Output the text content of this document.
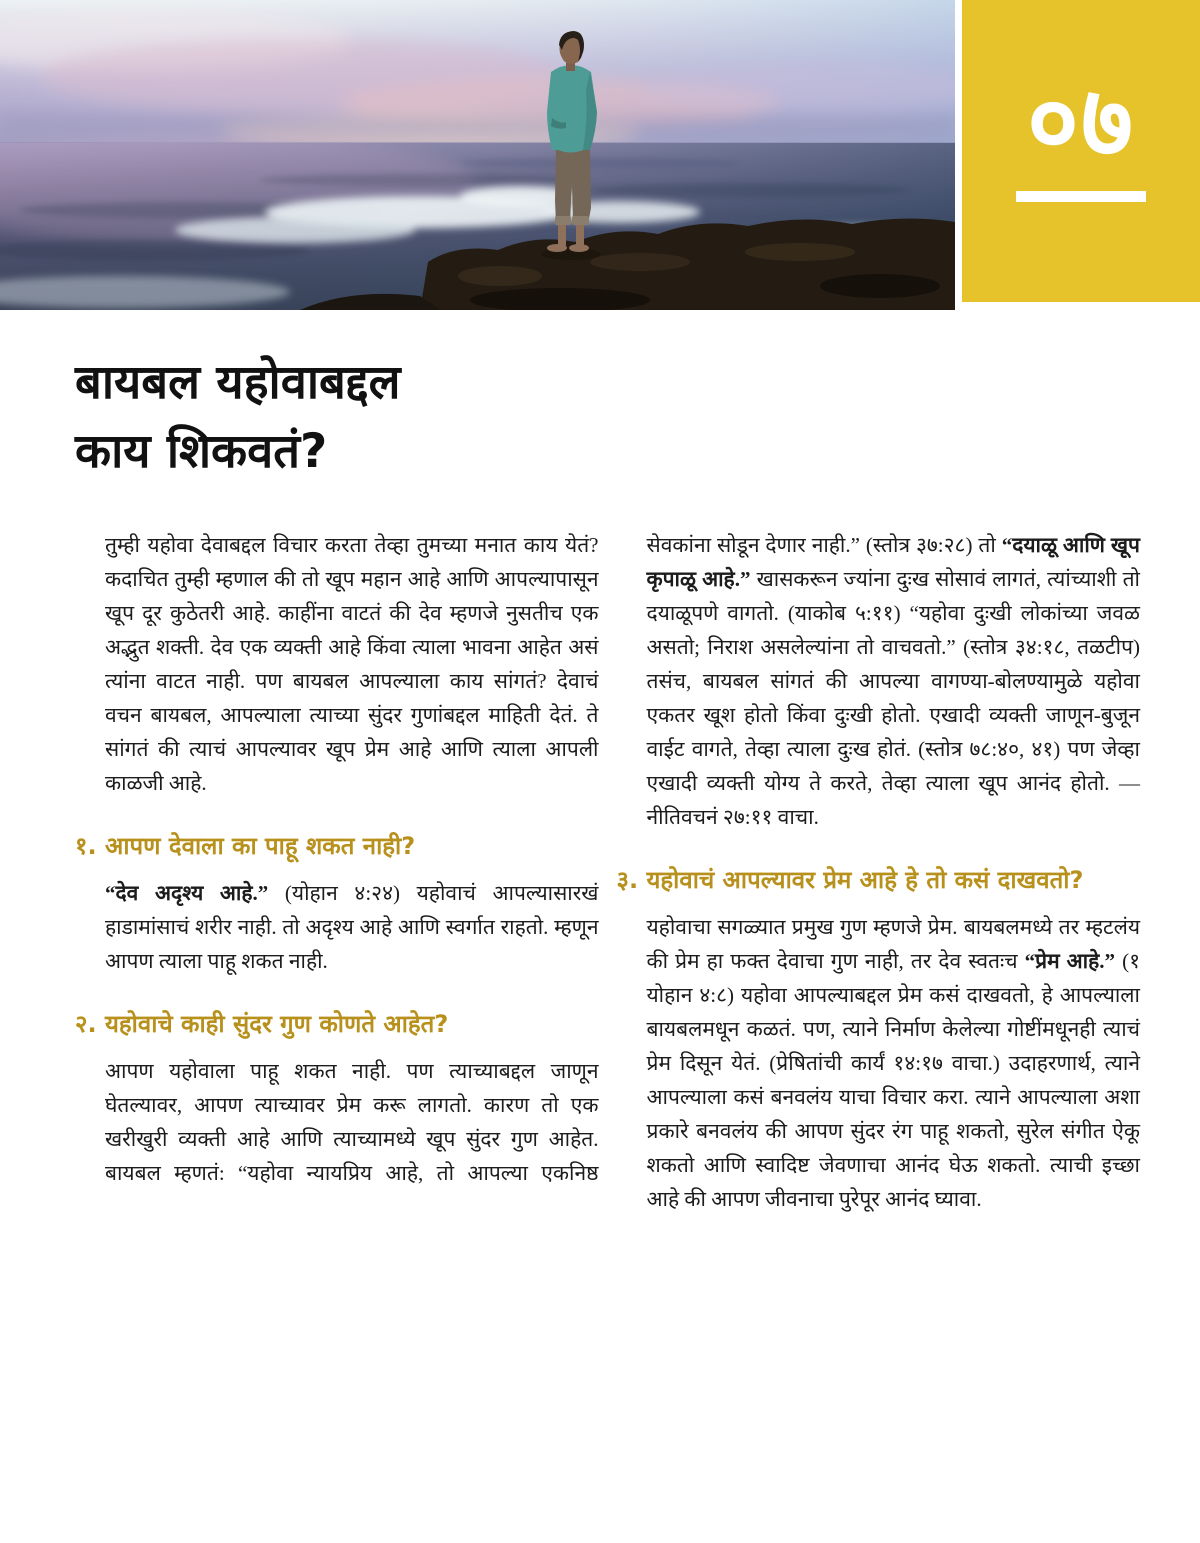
०७
बायबल यहोवाबद्दल
काय शिकवतं?

तुम्ही यहोवा देवाबद्दल विचार करता तेव्हा तुमच्या मनात काय येतं? कदाचित तुम्ही म्हणाल की तो खूप महान आहे आणि आपल्यापासून खूप दूर कुठेतरी आहे. काहींना वाटतं की देव म्हणजे नुसतीच एक अद्भुत शक्ती. देव एक व्यक्ती आहे किंवा त्याला भावना आहेत असं त्यांना वाटत नाही. पण बायबल आपल्याला काय सांगतं? देवाचं वचन बायबल, आपल्याला त्याच्या सुंदर गुणांबद्दल माहिती देतं. ते सांगतं की त्याचं आपल्यावर खूप प्रेम आहे आणि त्याला आपली काळजी आहे.

१. आपण देवाला का पाहू शकत नाही?

“देव अदृश्य आहे.” (योहान ४:२४) यहोवाचं आपल्यासारखं हाडामांसाचं शरीर नाही. तो अदृश्य आहे आणि स्वर्गात राहतो. म्हणून आपण त्याला पाहू शकत नाही.

२. यहोवाचे काही सुंदर गुण कोणते आहेत?

आपण यहोवाला पाहू शकत नाही. पण त्याच्याबद्दल जाणून घेतल्यावर, आपण त्याच्यावर प्रेम करू लागतो. कारण तो एक खरीखुरी व्यक्ती आहे आणि त्याच्यामध्ये खूप सुंदर गुण आहेत. बायबल म्हणतं: “यहोवा न्यायप्रिय आहे, तो आपल्या एकनिष्ठ सेवकांना सोडून देणार नाही.” (स्तोत्र ३७:२८) तो “दयाळू आणि खूप कृपाळू आहे.” खासकरून ज्यांना दुःख सोसावं लागतं, त्यांच्याशी तो दयाळूपणे वागतो. (याकोब ५:११) “यहोवा दुःखी लोकांच्या जवळ असतो; निराश असलेल्यांना तो वाचवतो.” (स्तोत्र ३४:१८, तळटीप) तसंच, बायबल सांगतं की आपल्या वागण्या-बोलण्यामुळे यहोवा एकतर खूश होतो किंवा दुःखी होतो. एखादी व्यक्ती जाणून-बुजून वाईट वागते, तेव्हा त्याला दुःख होतं. (स्तोत्र ७८:४०, ४१) पण जेव्हा एखादी व्यक्ती योग्य ते करते, तेव्हा त्याला खूप आनंद होतो. —नीतिवचनं २७:११ वाचा.

३. यहोवाचं आपल्यावर प्रेम आहे हे तो कसं दाखवतो?

यहोवाचा सगळ्यात प्रमुख गुण म्हणजे प्रेम. बायबलमध्ये तर म्हटलंय की प्रेम हा फक्त देवाचा गुण नाही, तर देव स्वतःच “प्रेम आहे.” (१ योहान ४:८) यहोवा आपल्याबद्दल प्रेम कसं दाखवतो, हे आपल्याला बायबलमधून कळतं. पण, त्याने निर्माण केलेल्या गोष्टींमधूनही त्याचं प्रेम दिसून येतं. (प्रेषितांची कार्यं १४:१७ वाचा.) उदाहरणार्थ, त्याने आपल्याला कसं बनवलंय याचा विचार करा. त्याने आपल्याला अशा प्रकारे बनवलंय की आपण सुंदर रंग पाहू शकतो, सुरेल संगीत ऐकू शकतो आणि स्वादिष्ट जेवणाचा आनंद घेऊ शकतो. त्याची इच्छा आहे की आपण जीवनाचा पुरेपूर आनंद घ्यावा.
